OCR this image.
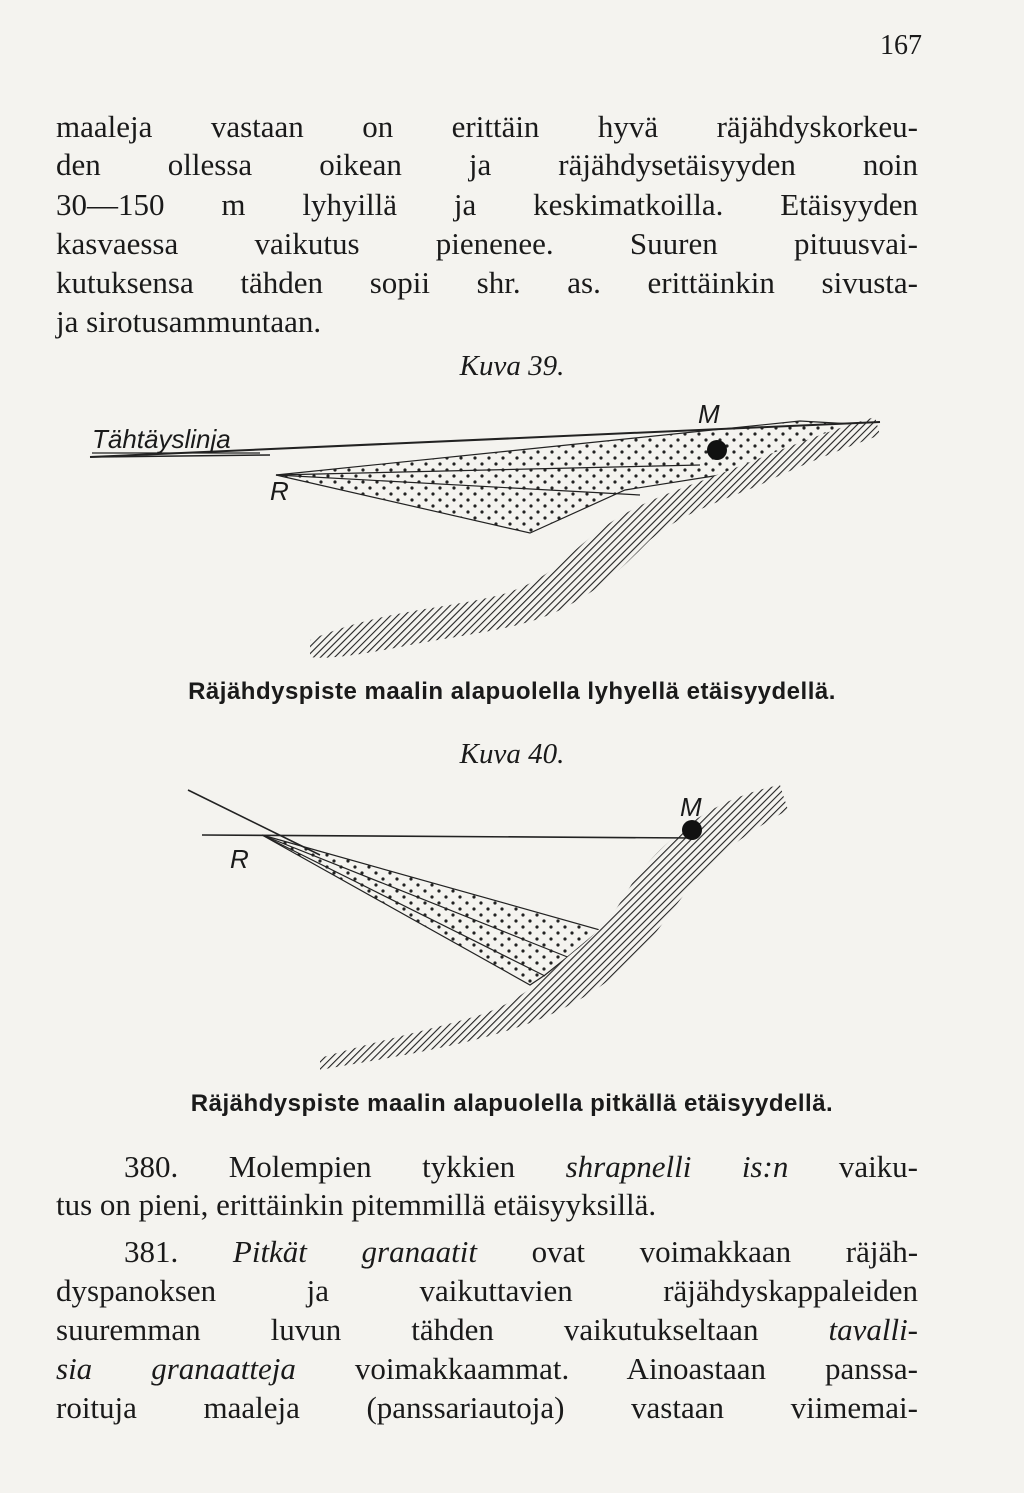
167
maaleja vastaan on erittäin hyvä räjähdyskorkeu-
den ollessa oikean ja räjähdysetäisyyden noin
30—150 m lyhyillä ja keskimatkoilla. Etäisyyden
kasvaessa vaikutus pienenee. Suuren pituusvai-
kutuksensa tähden sopii shr. as. erittäinkin sivusta-
ja sirotusammuntaan.
Kuva 39.
Tähtäyslinja
R
M
Räjähdyspiste maalin alapuolella lyhyellä etäisyydellä.
Kuva 40.
R
M
Räjähdyspiste maalin alapuolella pitkällä etäisyydellä.
380. Molempien tykkien shrapnelli is:n vaiku-
tus on pieni, erittäinkin pitemmillä etäisyyksillä.
381. Pitkät granaatit ovat voimakkaan räjäh-
dyspanoksen ja vaikuttavien räjähdyskappaleiden
suuremman luvun tähden vaikutukseltaan tavalli-
sia granaatteja voimakkaammat. Ainoastaan panssa-
roituja maaleja (panssariautoja) vastaan viimemai-
